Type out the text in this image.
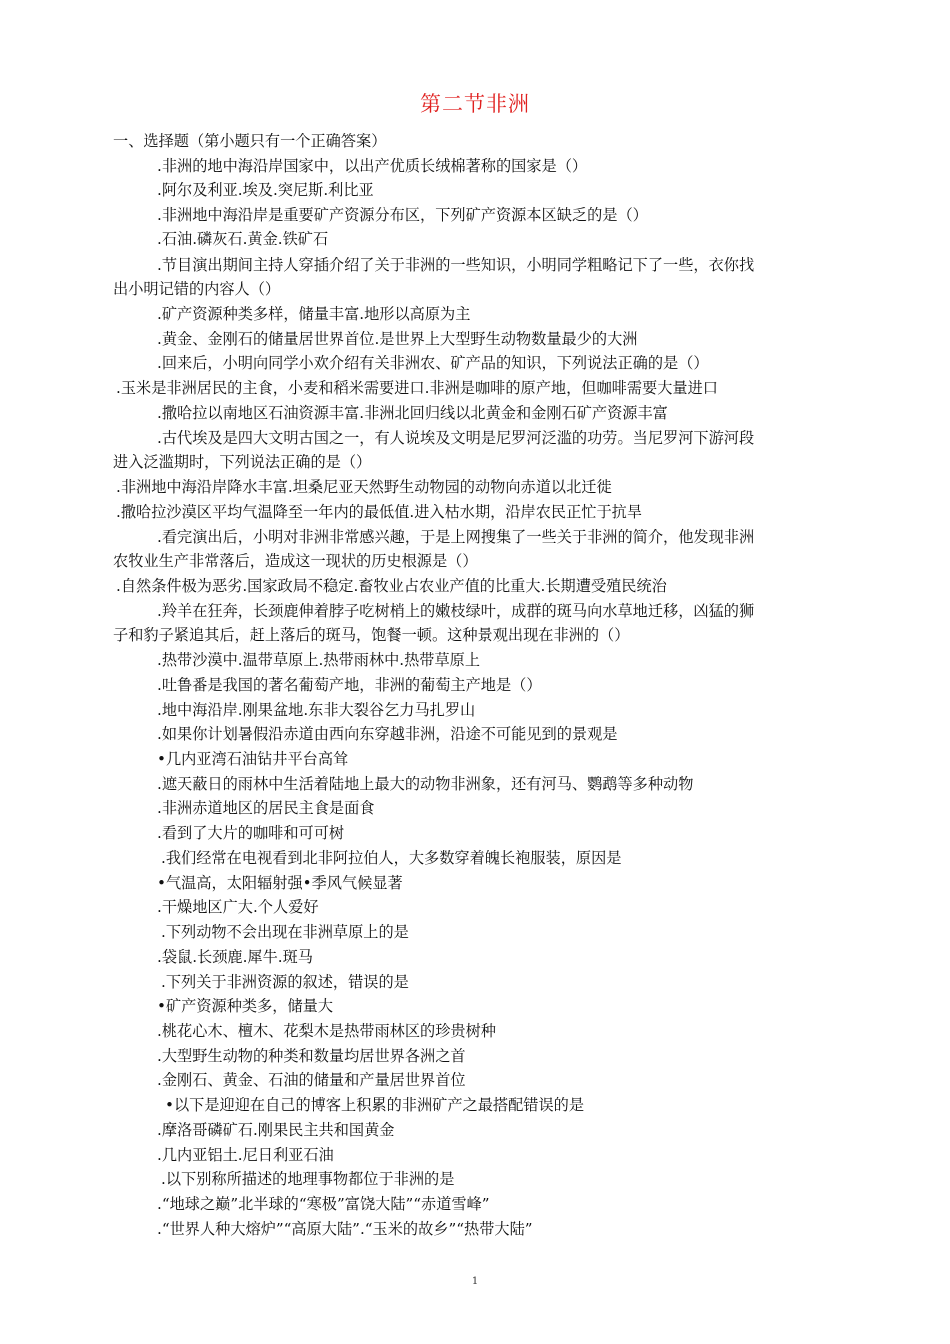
第二节非洲
一、选择题（第小题只有一个正确答案）
.非洲的地中海沿岸国家中，以出产优质长绒棉著称的国家是（）
.阿尔及利亚.埃及.突尼斯.利比亚
.非洲地中海沿岸是重要矿产资源分布区，下列矿产资源本区缺乏的是（）
.石油.磷灰石.黄金.铁矿石
.节目演出期间主持人穿插介绍了关于非洲的一些知识，小明同学粗略记下了一些，衣你找
出小明记错的内容人（）
.矿产资源种类多样，储量丰富.地形以高原为主
.黄金、金刚石的储量居世界首位.是世界上大型野生动物数量最少的大洲
.回来后，小明向同学小欢介绍有关非洲农、矿产品的知识，下列说法正确的是（）
.玉米是非洲居民的主食，小麦和稻米需要进口.非洲是咖啡的原产地，但咖啡需要大量进口
.撒哈拉以南地区石油资源丰富.非洲北回归线以北黄金和金刚石矿产资源丰富
.古代埃及是四大文明古国之一，有人说埃及文明是尼罗河泛滥的功劳。当尼罗河下游河段
进入泛滥期时，下列说法正确的是（）
.非洲地中海沿岸降水丰富.坦桑尼亚天然野生动物园的动物向赤道以北迁徙
.撒哈拉沙漠区平均气温降至一年内的最低值.进入枯水期，沿岸农民正忙于抗旱
.看完演出后，小明对非洲非常感兴趣，于是上网搜集了一些关于非洲的简介，他发现非洲
农牧业生产非常落后，造成这一现状的历史根源是（）
.自然条件极为恶劣.国家政局不稳定.畜牧业占农业产值的比重大.长期遭受殖民统治
.羚羊在狂奔，长颈鹿伸着脖子吃树梢上的嫩枝绿叶，成群的斑马向水草地迁移，凶猛的狮
子和豹子紧追其后，赶上落后的斑马，饱餐一顿。这种景观出现在非洲的（）
.热带沙漠中.温带草原上.热带雨林中.热带草原上
.吐鲁番是我国的著名葡萄产地，非洲的葡萄主产地是（）
.地中海沿岸.刚果盆地.东非大裂谷乞力马扎罗山
.如果你计划暑假沿赤道由西向东穿越非洲，沿途不可能见到的景观是
•几内亚湾石油钻井平台高耸
.遮天蔽日的雨林中生活着陆地上最大的动物非洲象，还有河马、鹦鹉等多种动物
.非洲赤道地区的居民主食是面食
.看到了大片的咖啡和可可树
.我们经常在电视看到北非阿拉伯人，大多数穿着魄长袍服装，原因是
•气温高，太阳辐射强•季风气候显著
.干燥地区广大.个人爱好
.下列动物不会出现在非洲草原上的是
.袋鼠.长颈鹿.犀牛.斑马
.下列关于非洲资源的叙述，错误的是
•矿产资源种类多，储量大
.桃花心木、檀木、花梨木是热带雨林区的珍贵树种
.大型野生动物的种类和数量均居世界各洲之首
.金刚石、黄金、石油的储量和产量居世界首位
•以下是迎迎在自己的博客上积累的非洲矿产之最搭配错误的是
.摩洛哥磷矿石.刚果民主共和国黄金
.几内亚铝土.尼日利亚石油
.以下别称所描述的地理事物都位于非洲的是
.“地球之巅”北半球的“寒极”富饶大陆”“赤道雪峰”
.“世界人种大熔炉”“高原大陆”.“玉米的故乡”“热带大陆”
1
